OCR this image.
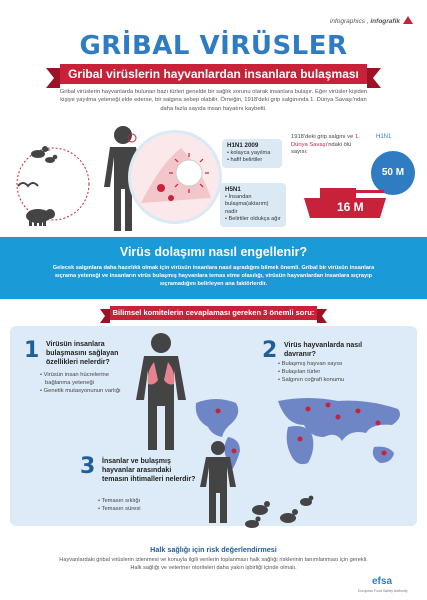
infographics , infografik
GRİBAL VİRÜSLER
Gribal virüslerin hayvanlardan insanlara bulaşması
Gribal virüslerin hayvanlarda bulunan bazı türleri genelde bir sağlık sorunu olarak insanlara bulaşır. Eğer virüsler kişiden kişiye yayılma yeteneği elde ederse, bir salgına sebep olabilir. Örneğin, 1918'deki grip salgınında 1. Dünya Savaşı'ndan daha fazla sayıda insan hayatını kaybetti.
H1N1 2009
• kolayca yayılma
• hafif belirtiler
H5N1
• İnsandan bulaşma(aktarım) nadir
• Belirtiler oldukça ağır
1918'deki grip salgını ve 1. Dünya Savaşı'ndaki ölü sayısı:
H1N1
50 M
16 M
Virüs dolaşımı nasıl engellenir?
Gelecek salgınlara daha hazırlıklı olmak için virüsün insanlara nasıl aşradığını bilmek önemli. Gribal bir virüsün insanlara sıçrama yeteneği ve insanların virüs bulaşmış hayvanlara temas etme olasılığı, virüsün hayvanlardan insanlara sıçrayıp sıçramadığını belirleyen ana faktörlerdir.
Bilimsel komitelerin cevaplaması gereken 3 önemli soru:
1 Virüsün insanlara bulaşmasını sağlayan özellikleri nelerdir?
• Virüsün insan hücrelerine bağlanma yeteneği
• Genetik mutasyonunun varlığı
2 Virüs hayvanlarda nasıl davranır?
• Bulaşmış hayvan sayısı
• Bulaşılan türler
• Salgının coğrafi konumu
3 İnsanlar ve bulaşmış hayvanlar arasındaki temasın ihtimalleri nelerdir?
• Temasın sıklığı
• Temasın süresi
Halk sağlığı için risk değerlendirmesi
Hayvanlardaki gribal virüslerin izlenmesi ve konuyla ilgili verilerin toplanması halk sağlığı risklerinin tanımlanması için gerekli. Halk sağlığı ve veteriner otoriteleri daha yakın işbirliği içinde olmalı.
efsa
European Food Safety Authority
